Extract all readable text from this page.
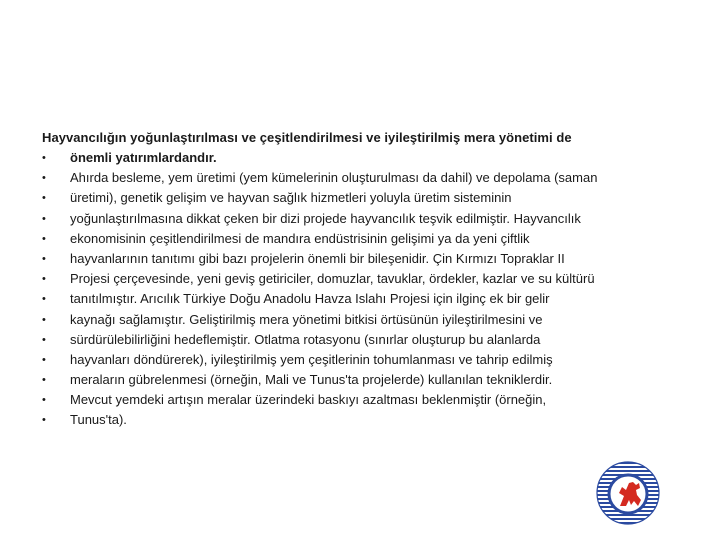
Hayvancılığın yoğunlaştırılması ve çeşitlendirilmesi ve iyileştirilmiş mera yönetimi de

•	önemli yatırımlardandır.
•	Ahırda besleme, yem üretimi (yem kümelerinin oluşturulması da dahil) ve depolama (saman
•	üretimi), genetik gelişim ve hayvan sağlık hizmetleri yoluyla üretim sisteminin
•	yoğunlaştırılmasına dikkat çeken bir dizi projede hayvancılık teşvik edilmiştir. Hayvancılık
•	ekonomisinin çeşitlendirilmesi de mandıra endüstrisinin gelişimi ya da yeni çiftlik
•	hayvanlarının tanıtımı gibi bazı projelerin önemli bir bileşenidir. Çin Kırmızı Topraklar II
•	Projesi çerçevesinde, yeni geviş getiriciler, domuzlar, tavuklar, ördekler, kazlar ve su kültürü
•	tanıtılmıştır. Arıcılık Türkiye Doğu Anadolu Havza Islahı Projesi için ilginç ek bir gelir
•	kaynağı sağlamıştır. Geliştirilmiş mera yönetimi bitkisi örtüsünün iyileştirilmesini ve
•	sürdürülebilirliğini hedeflemiştir. Otlatma rotasyonu (sınırlar oluşturup bu alanlarda
•	hayvanları döndürerek), iyileştirilmiş yem çeşitlerinin tohumlanması ve tahrip edilmiş
•	meraların gübrelenmesi (örneğin, Mali ve Tunus'ta projelerde) kullanılan tekniklerdir.
•	Mevcut yemdeki artışın meralar üzerindeki baskıyı azaltması beklenmiştir (örneğin,
•	Tunus'ta).
